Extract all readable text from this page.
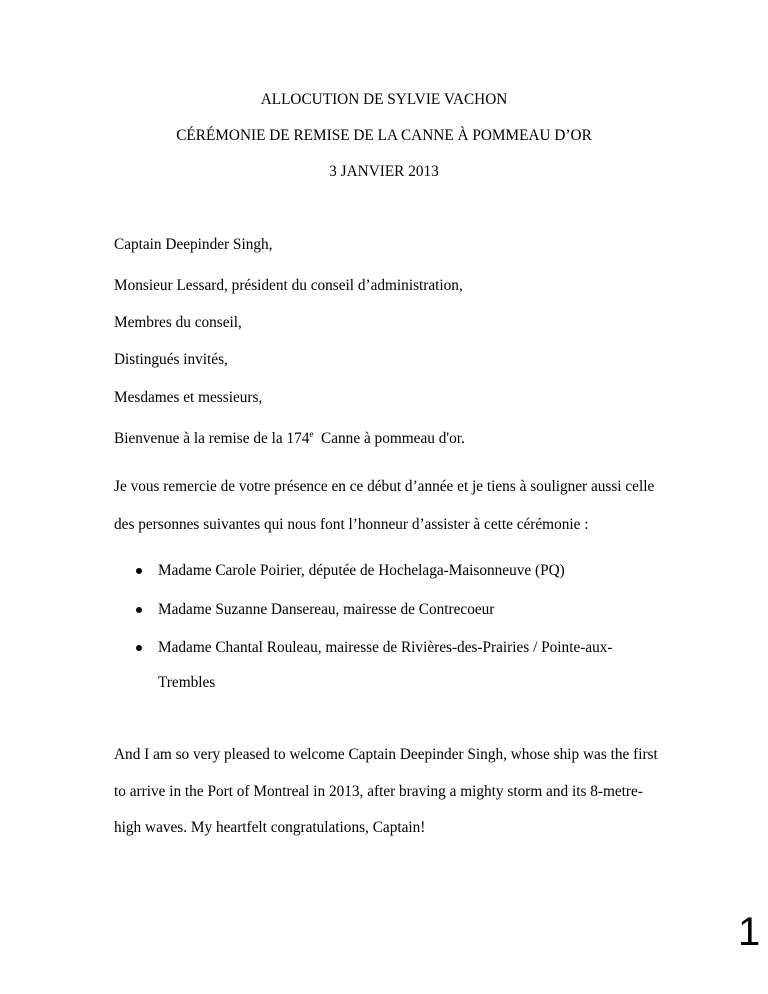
ALLOCUTION DE SYLVIE VACHON

CÉRÉMONIE DE REMISE DE LA CANNE À POMMEAU D’OR

3 JANVIER 2013

Captain Deepinder Singh,

Monsieur Lessard, président du conseil d’administration,

Membres du conseil,

Distingués invités,

Mesdames et messieurs,

Bienvenue à la remise de la 174e  Canne à pommeau d'or.

Je vous remercie de votre présence en ce début d’année et je tiens à souligner aussi celle

des personnes suivantes qui nous font l’honneur d’assister à cette cérémonie :

Madame Carole Poirier, députée de Hochelaga-Maisonneuve (PQ)

Madame Suzanne Dansereau, mairesse de Contrecoeur

Madame Chantal Rouleau, mairesse de Rivières-des-Prairies / Pointe-aux-

Trembles

And I am so very pleased to welcome Captain Deepinder Singh, whose ship was the first

to arrive in the Port of Montreal in 2013, after braving a mighty storm and its 8-metre-

high waves. My heartfelt congratulations, Captain!

1
